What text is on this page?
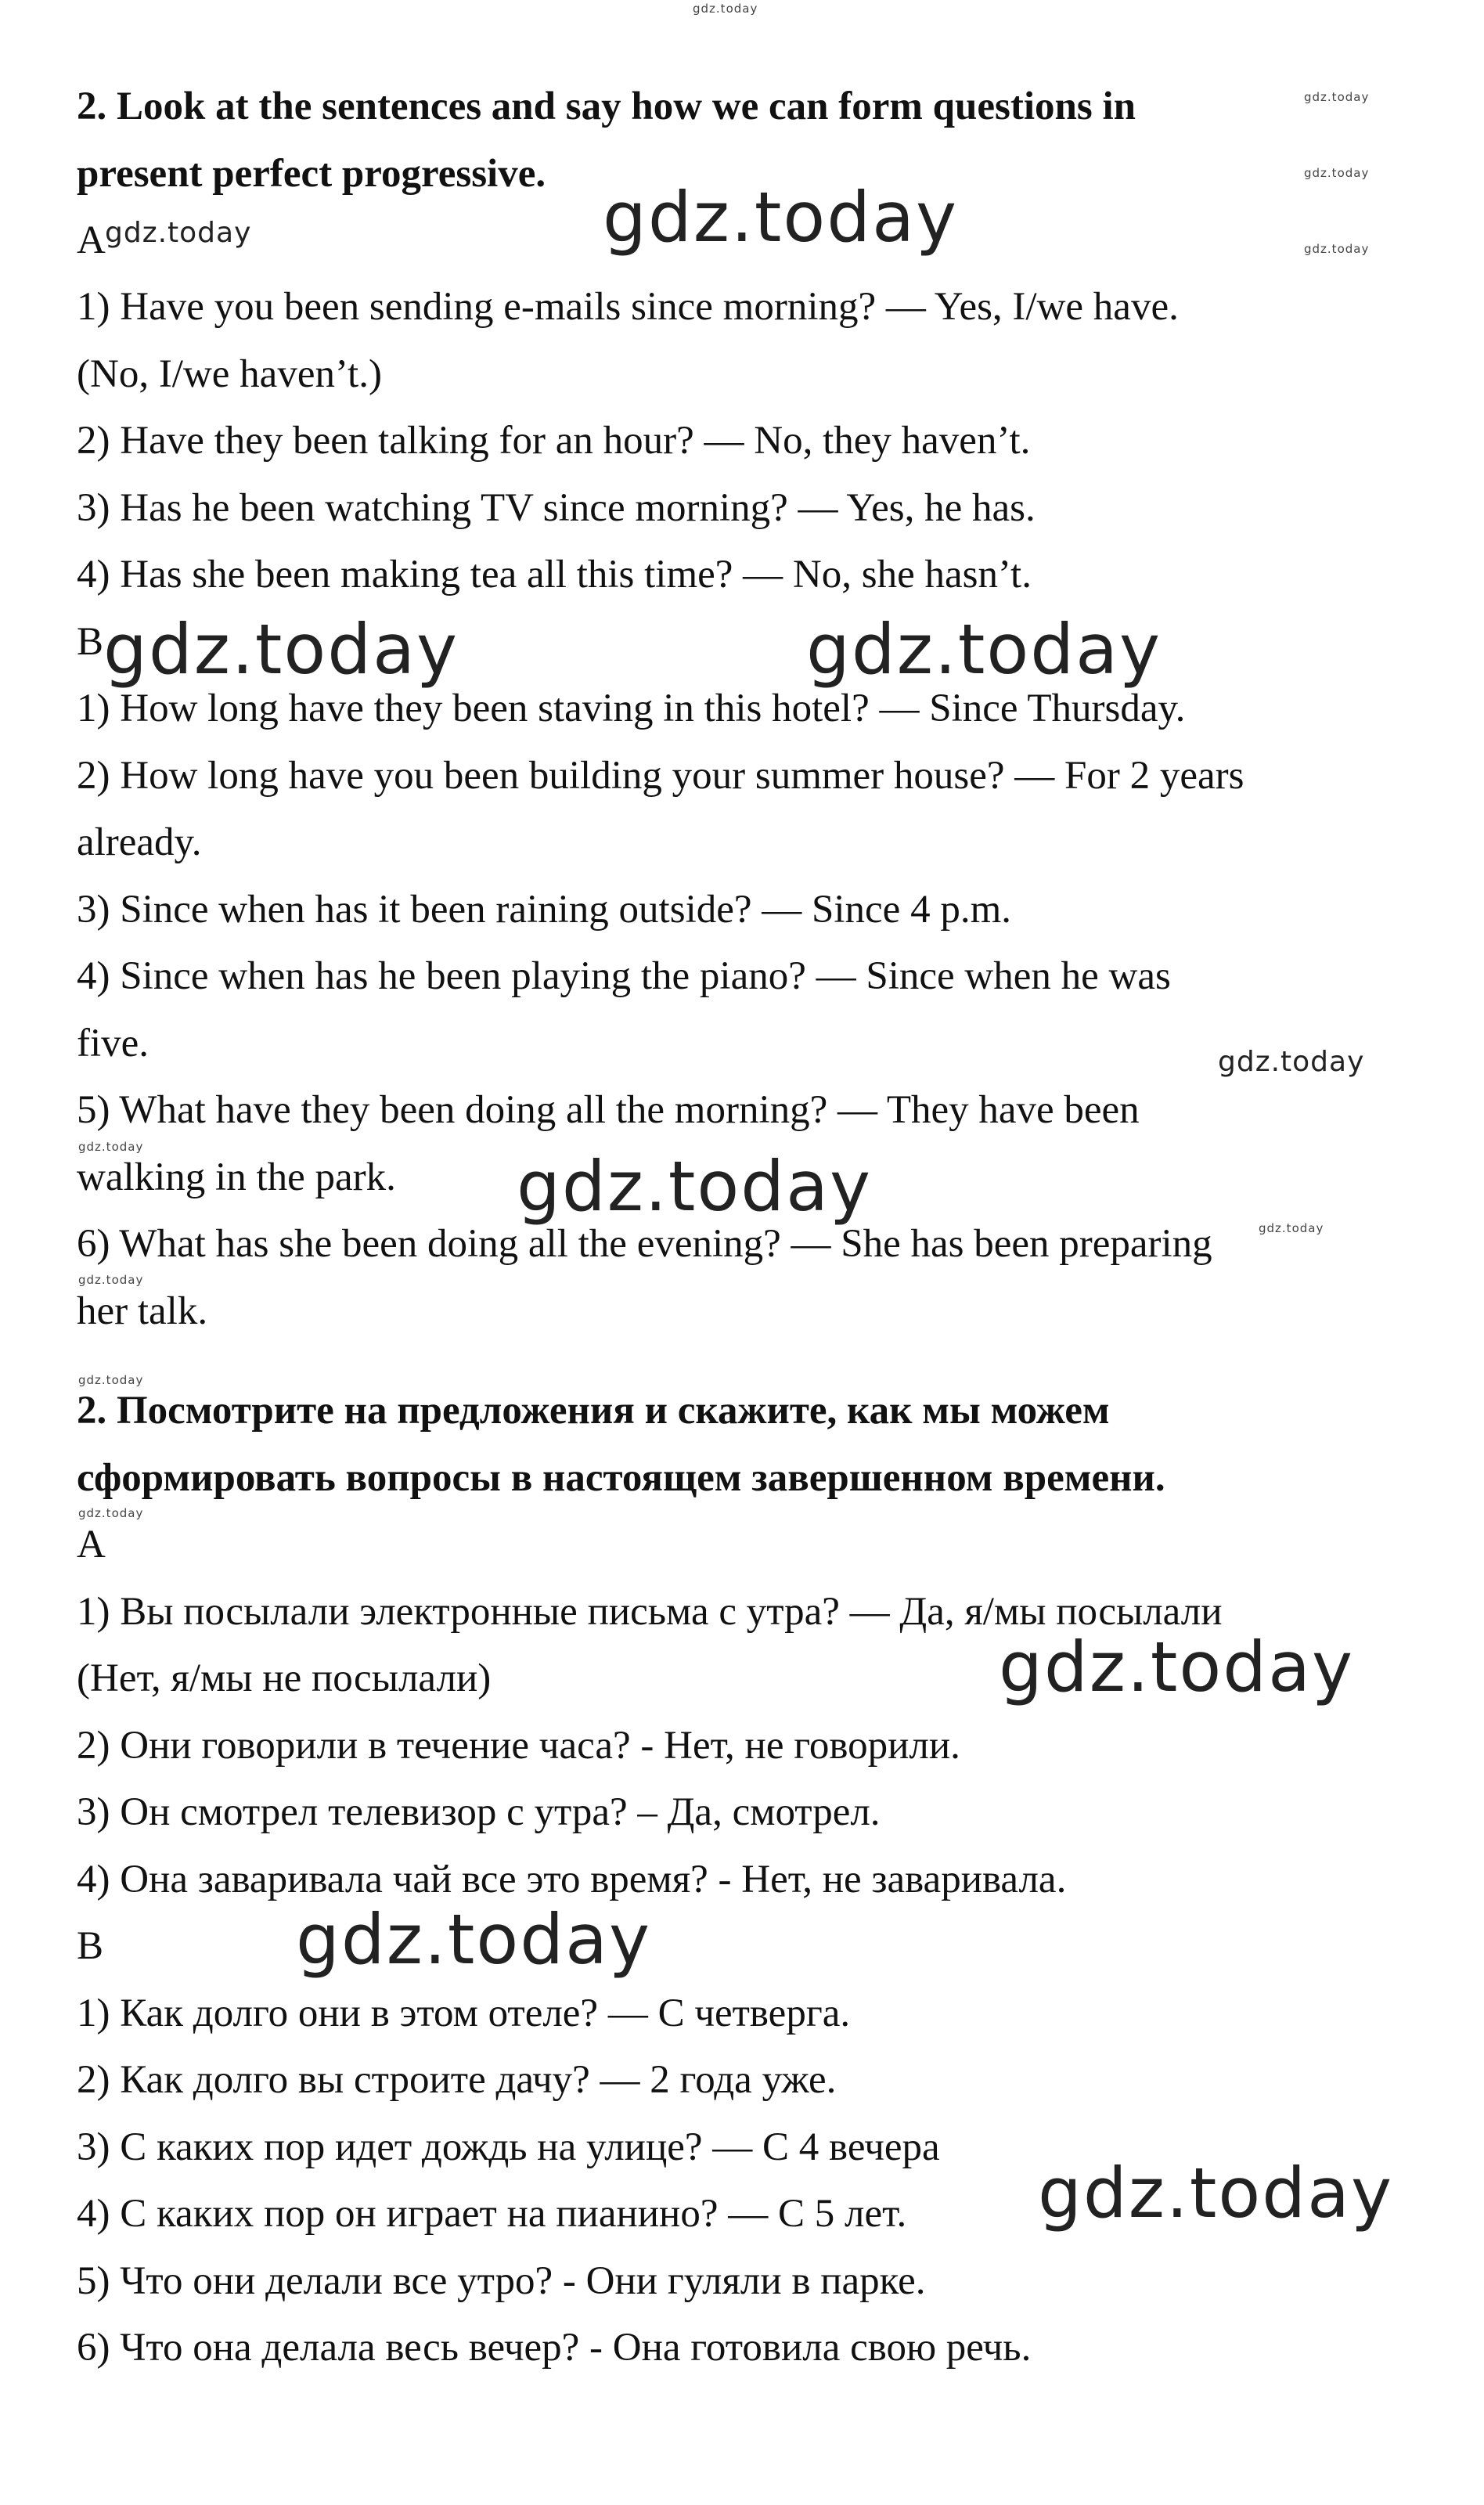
2. Look at the sentences and say how we can form questions in

present perfect progressive.

A

1) Have you been sending e-mails since morning? — Yes, I/we have.

(No, I/we haven’t.)

2) Have they been talking for an hour? — No, they haven’t.

3) Has he been watching TV since morning? — Yes, he has.

4) Has she been making tea all this time? — No, she hasn’t.

B

1) How long have they been staving in this hotel? — Since Thursday.

2) How long have you been building your summer house? — For 2 years

already.

3) Since when has it been raining outside? — Since 4 p.m.

4) Since when has he been playing the piano? — Since when he was

five.

5) What have they been doing all the morning? — They have been

walking in the park.

6) What has she been doing all the evening? — She has been preparing

her talk.

2. Посмотрите на предложения и скажите, как мы можем

сформировать вопросы в настоящем завершенном времени.

A

1) Вы посылали электронные письма с утра? — Да, я/мы посылали

(Нет, я/мы не посылали)

2) Они говорили в течение часа? - Нет, не говорили.

3) Он смотрел телевизор с утра? – Да, смотрел.

4) Она заваривала чай все это время? - Нет, не заваривала.

B

1) Как долго они в этом отеле? — С четверга.

2) Как долго вы строите дачу? — 2 года уже.

3) С каких пор идет дождь на улице? — С 4 вечера

4) С каких пор он играет на пианино? — С 5 лет.

5) Что они делали все утро? - Они гуляли в парке.

6) Что она делала весь вечер? - Она готовила свою речь.

gdz.today
gdz.today
gdz.today
gdz.today
gdz.today	gdz.today
gdz.today	gdz.today
gdz.today
gdz.today	gdz.today
gdz.today
gdz.today
gdz.today
gdz.today
gdz.today
gdz.today
gdz.today
